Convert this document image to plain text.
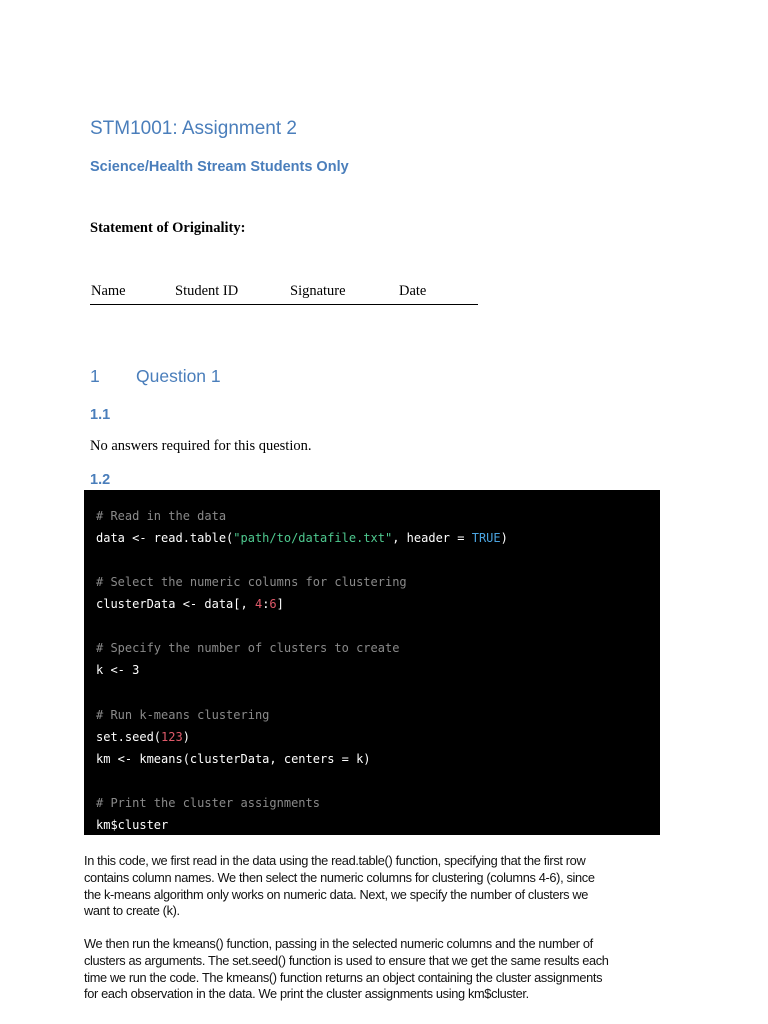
STM1001: Assignment 2
Science/Health Stream Students Only
Statement of Originality:
Name	Student ID	Signature	Date
1 Question 1
1.1
No answers required for this question.
1.2
# Read in the data
data <- read.table("path/to/datafile.txt", header = TRUE)
# Select the numeric columns for clustering
clusterData <- data[, 4:6]
# Specify the number of clusters to create
k <- 3
# Run k-means clustering
set.seed(123)
km <- kmeans(clusterData, centers = k)
# Print the cluster assignments
km$cluster
In this code, we first read in the data using the read.table() function, specifying that the first row
contains column names. We then select the numeric columns for clustering (columns 4-6), since
the k-means algorithm only works on numeric data. Next, we specify the number of clusters we
want to create (k).
We then run the kmeans() function, passing in the selected numeric columns and the number of
clusters as arguments. The set.seed() function is used to ensure that we get the same results each
time we run the code. The kmeans() function returns an object containing the cluster assignments
for each observation in the data. We print the cluster assignments using km$cluster.
